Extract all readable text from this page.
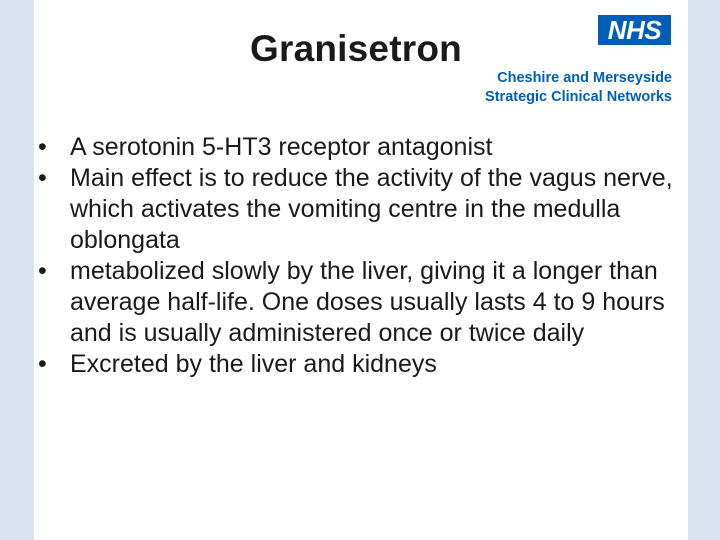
Granisetron	NHS
Cheshire and Merseyside
Strategic Clinical Networks
• A serotonin 5-HT3 receptor antagonist
• Main effect is to reduce the activity of the vagus nerve, which activates the vomiting centre in the medulla oblongata
• metabolized slowly by the liver, giving it a longer than average half-life. One doses usually lasts 4 to 9 hours and is usually administered once or twice daily
• Excreted by the liver and kidneys
